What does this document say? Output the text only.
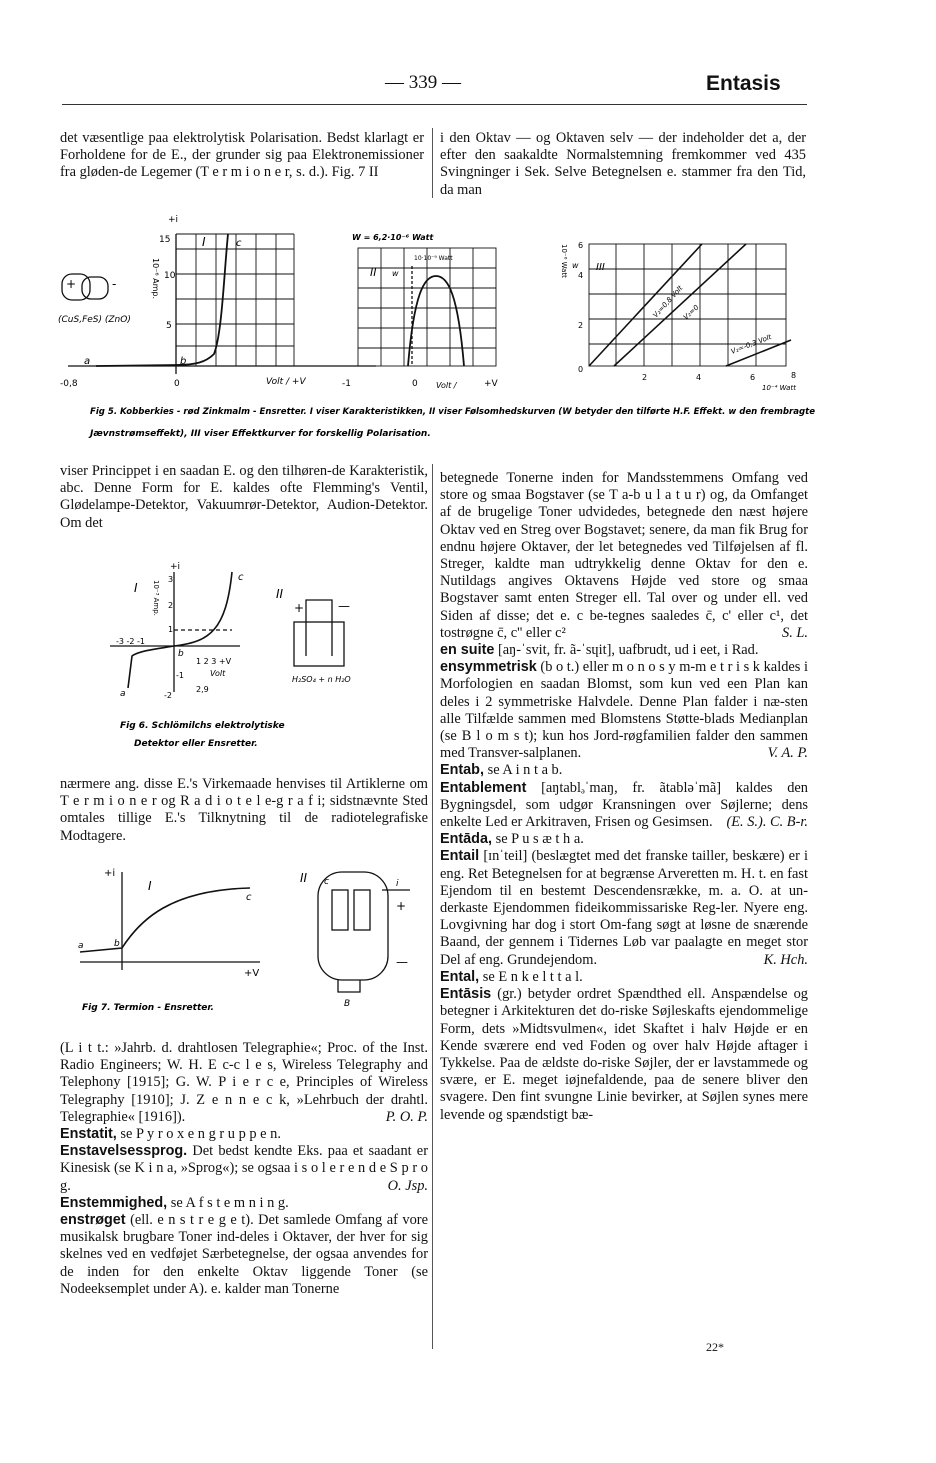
— 339 —	Entasis

det væsentlige paa elektrolytisk Polarisation. Bedst klarlagt er Forholdene for de E., der grunder sig paa Elektronemissioner fra gløden-de Legemer (T e r m i o n e r, s. d.). Fig. 7 II

i den Oktav — og Oktaven selv — der indeholder det a, der efter den saakaldte Normalstemning fremkommer ved 435 Svingninger i Sek. Selve Betegnelsen e. stammer fra den Tid, da man

+	-
(CuS,FeS) (ZnO)
+i
15
10
5
10⁻⁶ Amp.
I	c
b
a
-0,8	0	Volt / +V
W = 6,2·10⁻⁶ Watt
10·10⁻⁹ Watt
II w
-1	0 Volt /	+V
III
10⁻⁶ Watt w
6
4
2
0
2	4	6	8
10⁻⁴ Watt
V₂=0,8 Volt
V₂=0
V₂=-0,3 Volt
Fig 5. Kobberkies - rød Zinkmalm - Ensretter. I viser Karakteristikken, II viser Følsomhedskurven (W betyder den tilførte H.F. Effekt. w den frembragte
Jævnstrømseffekt), III viser Effektkurver for forskellig Polarisation.

viser Princippet i en saadan E. og den tilhøren-de Karakteristik, abc. Denne Form for E. kaldes ofte Flemming's Ventil, Glødelampe-Detektor, Vakuumrør-Detektor, Audion-Detektor. Om det

I	II
+i
10⁻³ Amp.
3
2
1
c
b
a
-3 -2 -1
1 2 3 +V
Volt
-1
-2
2,9
+	—
H₂SO₄ + n H₂O
Fig 6. Schlömilchs elektrolytiske
Detektor eller Ensretter.

nærmere ang. disse E.'s Virkemaade henvises til Artiklerne om T e r m i o n e r og R a d i o t e l e-g r a f i; sidstnævnte Sted omtales tillige E.'s Tilknytning til de radiotelegrafiske Modtagere.

+i
I
c
b
a
+V
II c	i
+
—
B
Fig 7. Termion - Ensretter.

(L i t t.: »Jahrb. d. drahtlosen Telegraphie«; Proc. of the Inst. Radio Engineers; W. H. E c-c l e s, Wireless Telegraphy and Telephony [1915]; G. W. P i e r c e, Principles of Wireless Telegraphy [1910]; J. Z e n n e c k, »Lehrbuch der drahtl. Telegraphie« [1916]).	P. O. P.

Enstatit, se P y r o x e n g r u p p e n.

Enstavelsessprog. Det bedst kendte Eks. paa et saadant er Kinesisk (se K i n a, »Sprog«); se ogsaa i s o l e r e n d e S p r o g.	O. Jsp.

Enstemmighed, se A f s t e m n i n g.

enstrøget (ell. e n s t r e g e t). Det samlede Omfang af vore musikalsk brugbare Toner ind-deles i Oktaver, der hver for sig skelnes ved en vedføjet Særbetegnelse, der ogsaa anvendes for de inden for den enkelte Oktav liggende Toner (se Nodeeksemplet under A). e. kalder man Tonerne

betegnede Tonerne inden for Mandsstemmens Omfang ved store og smaa Bogstaver (se T a-b u l a t u r) og, da Omfanget af de brugelige Toner udvidedes, betegnede den næst højere Oktav ved en Streg over Bogstavet; senere, da man fik Brug for endnu højere Oktaver, der let betegnedes ved Tilføjelsen af fl. Streger, kaldte man udtrykkelig denne Oktav for den e. Nutildags angives Oktavens Højde ved store og smaa Bogstaver samt enten Streger ell. Tal over og under ell. ved Siden af disse; det e. c be-tegnes saaledes c̄, c' eller c¹, det tostrøgne c̄, c'' eller c²	S. L.

en suite [aŋ-ˈsvit, fr. ã-ˈsɥit], uafbrudt, ud i eet, i Rad.

ensymmetrisk (b o t.) eller m o n o s y m-m e t r i s k kaldes i Morfologien en saadan Blomst, som kun ved een Plan kan deles i 2 symmetriske Halvdele. Denne Plan falder i næ-sten alle Tilfælde sammen med Blomstens Støtte-blads Medianplan (se B l o m s t); kun hos Jord-røgfamilien falder den sammen med Transver-salplanen.	V. A. P.

Entab, se A i n t a b.

Entablement [aŋtablₔˈmaŋ, fr. ãtabləˈmã] kaldes den Bygningsdel, som udgør Kransningen over Søjlerne; dens enkelte Led er Arkitraven, Frisen og Gesimsen. (E. S.). C. B-r.

Entāda, se P u s æ t h a.

Entail [ɪnˈteil] (beslægtet med det franske tailler, beskære) er i eng. Ret Betegnelsen for at begrænse Arveretten m. H. t. en fast Ejendom til en bestemt Descendensrække, m. a. O. at un-derkaste Ejendommen fideikommissariske Reg-ler. Nyere eng. Lovgivning har dog i stort Om-fang søgt at løsne de snærende Baand, der gennem i Tidernes Løb var paalagte en meget stor Del af eng. Grundejendom.	K. Hch.

Ental, se E n k e l t t a l.

Entāsis (gr.) betyder ordret Spændthed ell. Anspændelse og betegner i Arkitekturen det do-riske Søjleskafts ejendommelige Form, dets »Midtsvulmen«, idet Skaftet i halv Højde er en Kende sværere end ved Foden og over halv Højde aftager i Tykkelse. Paa de ældste do-riske Søjler, der er lavstammede og svære, er E. meget iøjnefaldende, paa de senere bliver den svagere. Den fint svungne Linie bevirker, at Søjlen synes mere levende og spændstigt bæ-

22*
